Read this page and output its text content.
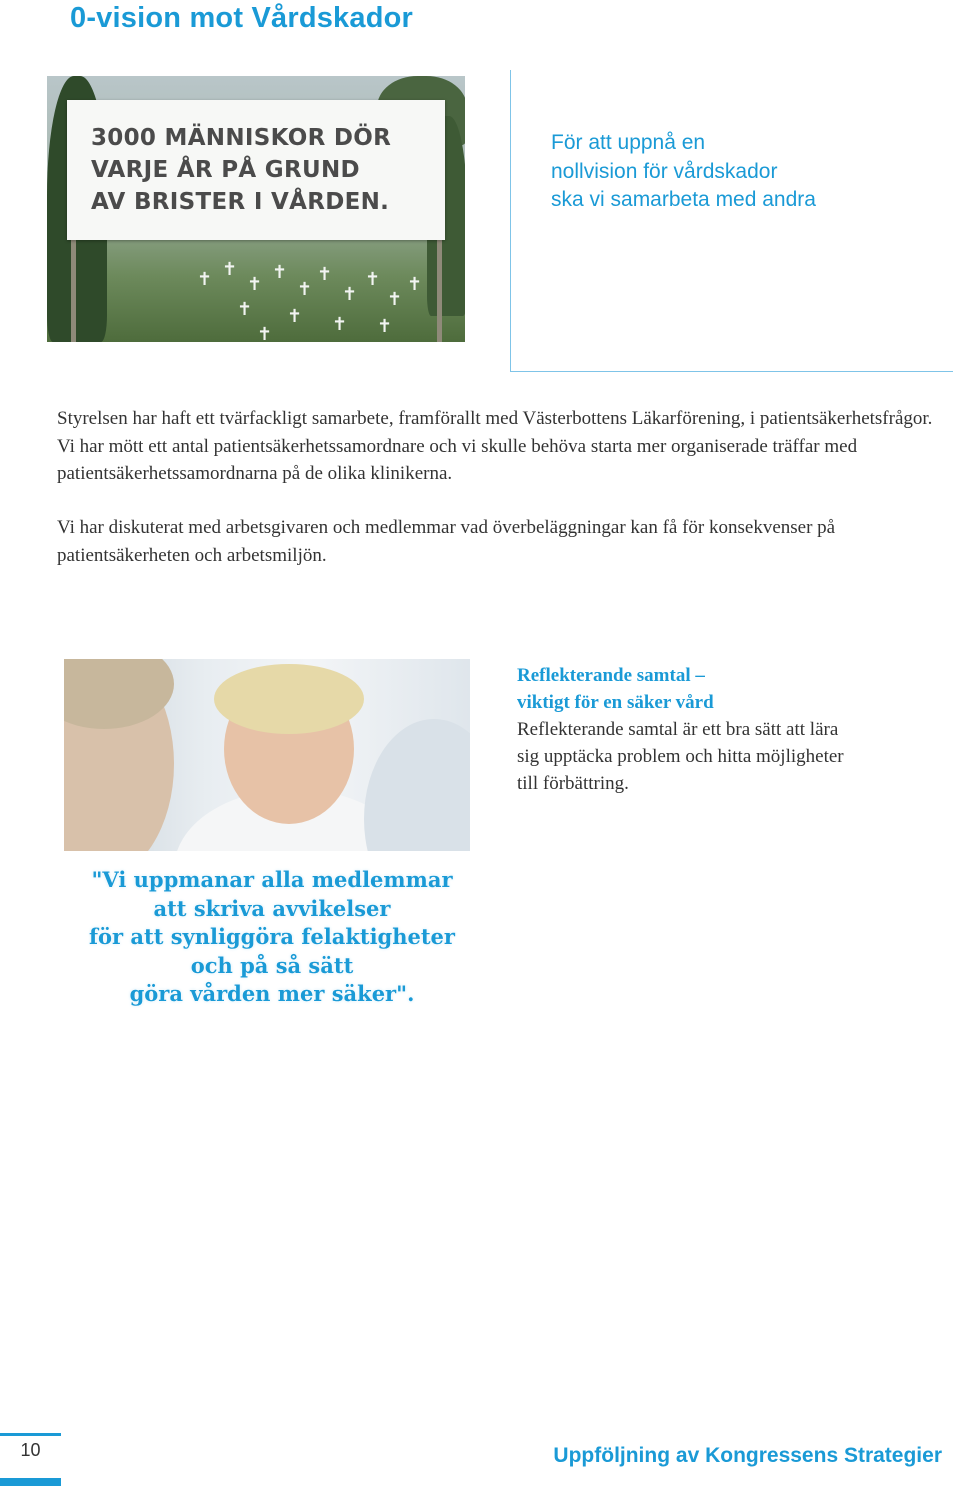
0-vision mot Vårdskador
3000 MÄNNISKOR DÖR
VARJE ÅR PÅ GRUND
AV BRISTER I VÅRDEN.
✝ ✝
✝
✝
✝
✝
✝
✝
✝
✝
✝ ✝ ✝ ✝
✝
För att uppnå en
nollvision för vårdskador
ska vi samarbeta med andra

Styrelsen har haft ett tvärfackligt samarbete, framförallt med Västerbottens Läkarförening, i patientsäkerhetsfrågor. Vi har mött ett antal patientsäkerhetssamordnare och vi skulle behöva starta mer organiserade träffar med patientsäkerhetssamordnarna på de olika klinikerna.

Vi har diskuterat med arbetsgivaren och medlemmar vad överbeläggningar kan få för konsekvenser på patientsäkerheten och arbetsmiljön.

Reflekterande samtal –
viktigt för en säker vård
Reflekterande samtal är ett bra sätt att lära
sig upptäcka problem och hitta möjligheter
till förbättring.
"Vi uppmanar alla medlemmar
att skriva avvikelser
för att synliggöra felaktigheter
och på så sätt
göra vården mer säker".
10	Uppföljning av Kongressens Strategier
